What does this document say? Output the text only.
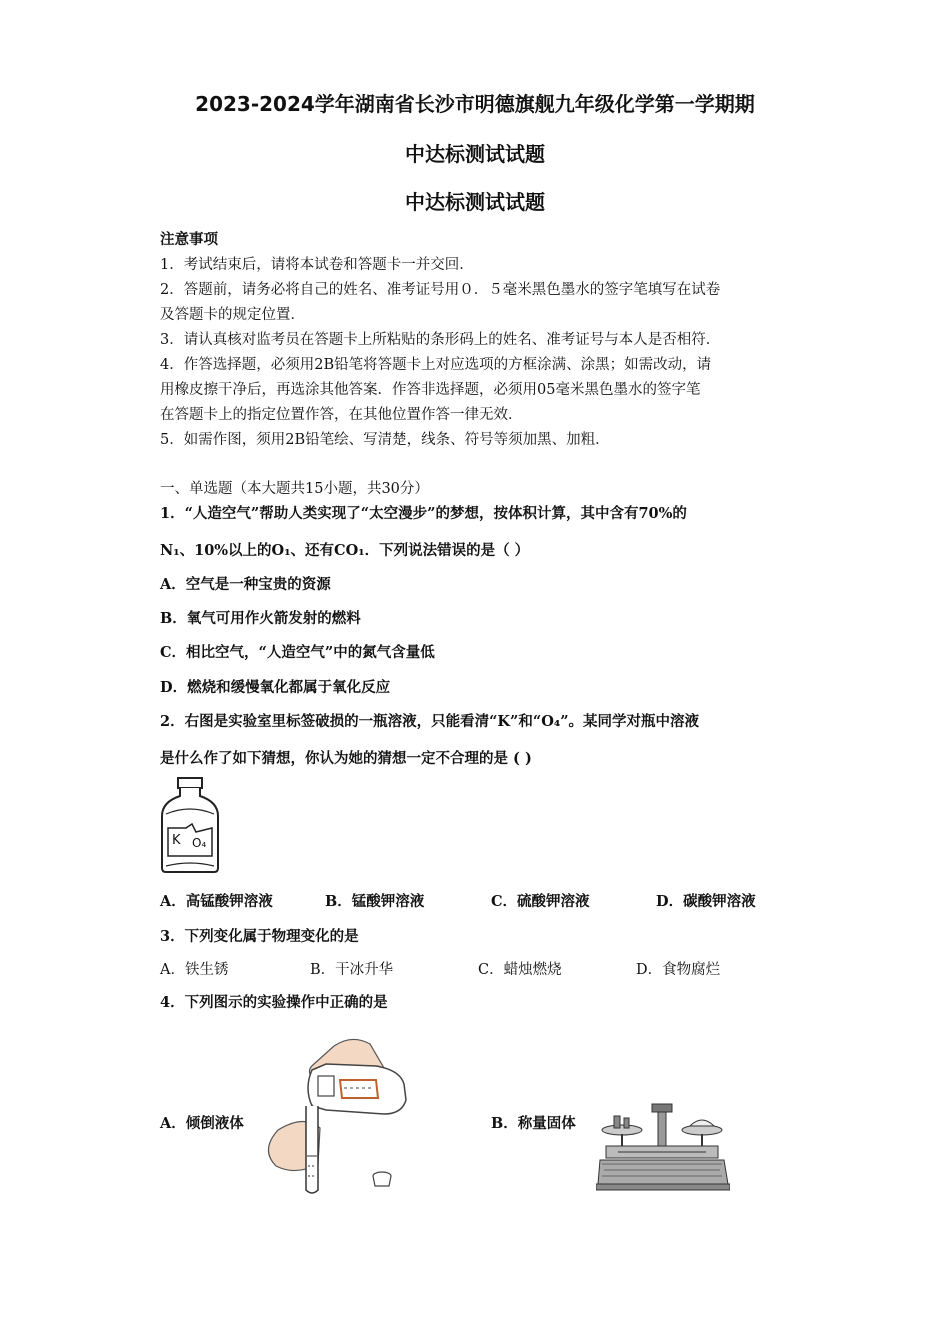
2023-2024学年湖南省长沙市明德旗舰九年级化学第一学期期
中达标测试试题
中达标测试试题
注意事项
1．考试结束后，请将本试卷和答题卡一并交回．
2．答题前，请务必将自己的姓名、准考证号用０．５毫米黑色墨水的签字笔填写在试卷
及答题卡的规定位置．
3．请认真核对监考员在答题卡上所粘贴的条形码上的姓名、准考证号与本人是否相符．
4．作答选择题，必须用2B铅笔将答题卡上对应选项的方框涂满、涂黑；如需改动，请
用橡皮擦干净后，再选涂其他答案．作答非选择题，必须用05毫米黑色墨水的签字笔
在答题卡上的指定位置作答，在其他位置作答一律无效．
5．如需作图，须用2B铅笔绘、写清楚，线条、符号等须加黑、加粗．
一、单选题（本大题共15小题，共30分）
1．“人造空气”帮助人类实现了“太空漫步”的梦想，按体积计算，其中含有70%的
N₁、10%以上的O₁、还有CO₁．下列说法错误的是（ ）
A．空气是一种宝贵的资源
B．氧气可用作火箭发射的燃料
C．相比空气，“人造空气”中的氮气含量低
D．燃烧和缓慢氧化都属于氧化反应
2．右图是实验室里标签破损的一瓶溶液，只能看清“K”和“O₄”。某同学对瓶中溶液
是什么作了如下猜想，你认为她的猜想一定不合理的是 ( )
K O₄
A．高锰酸钾溶液	B．锰酸钾溶液	C．硫酸钾溶液	D．碳酸钾溶液
3．下列变化属于物理变化的是
A．铁生锈	B．干冰升华	C．蜡烛燃烧	D．食物腐烂
4．下列图示的实验操作中正确的是
A．倾倒液体	B．称量固体
